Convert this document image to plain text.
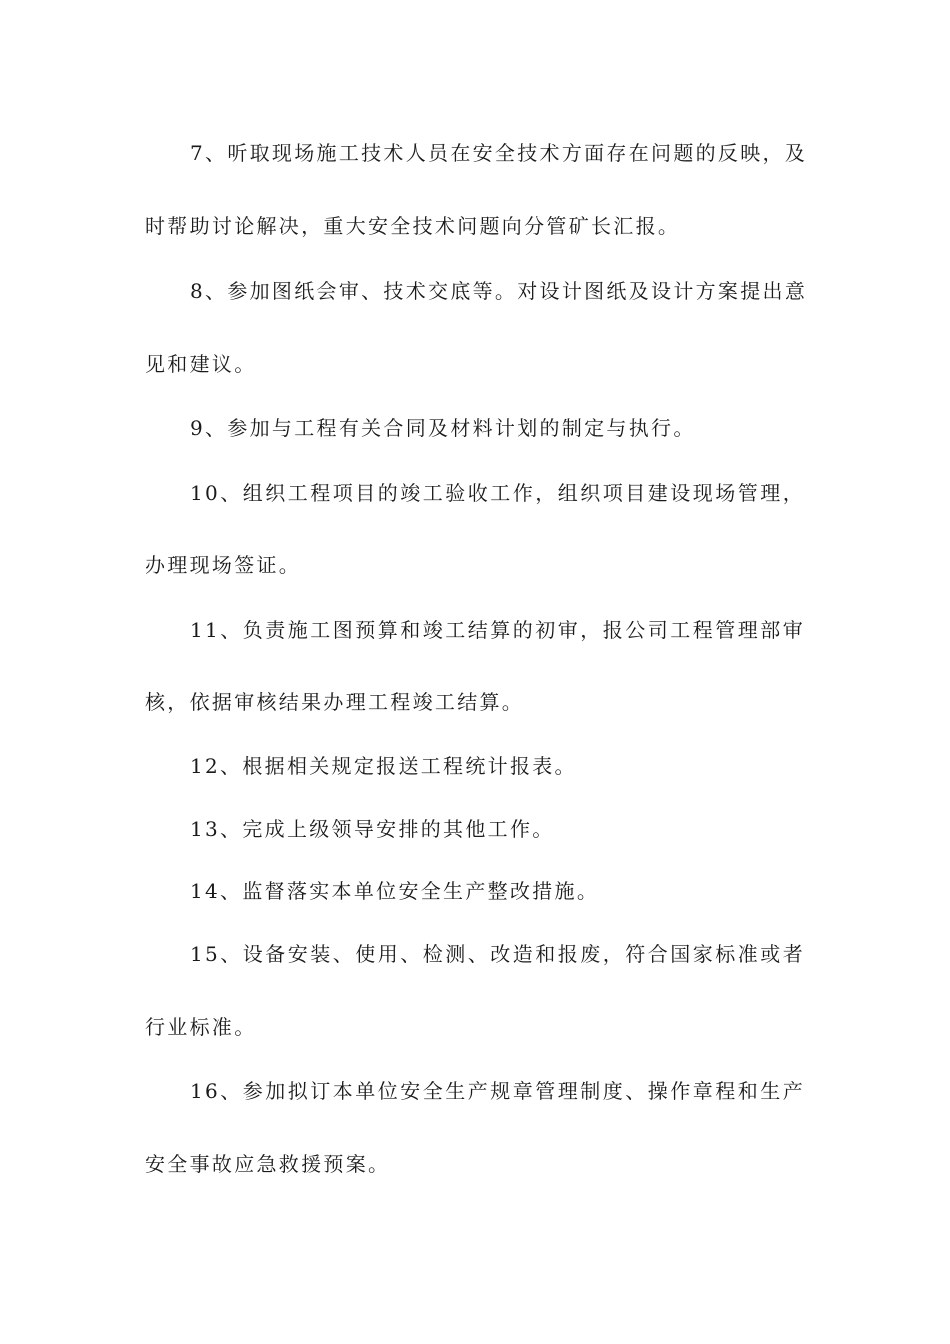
7、听取现场施工技术人员在安全技术方面存在问题的反映，及
时帮助讨论解决，重大安全技术问题向分管矿长汇报。
8、参加图纸会审、技术交底等。对设计图纸及设计方案提出意
见和建议。
9、参加与工程有关合同及材料计划的制定与执行。
10、组织工程项目的竣工验收工作，组织项目建设现场管理，
办理现场签证。
11、负责施工图预算和竣工结算的初审，报公司工程管理部审
核，依据审核结果办理工程竣工结算。
12、根据相关规定报送工程统计报表。
13、完成上级领导安排的其他工作。
14、监督落实本单位安全生产整改措施。
15、设备安装、使用、检测、改造和报废，符合国家标准或者
行业标准。
16、参加拟订本单位安全生产规章管理制度、操作章程和生产
安全事故应急救援预案。
